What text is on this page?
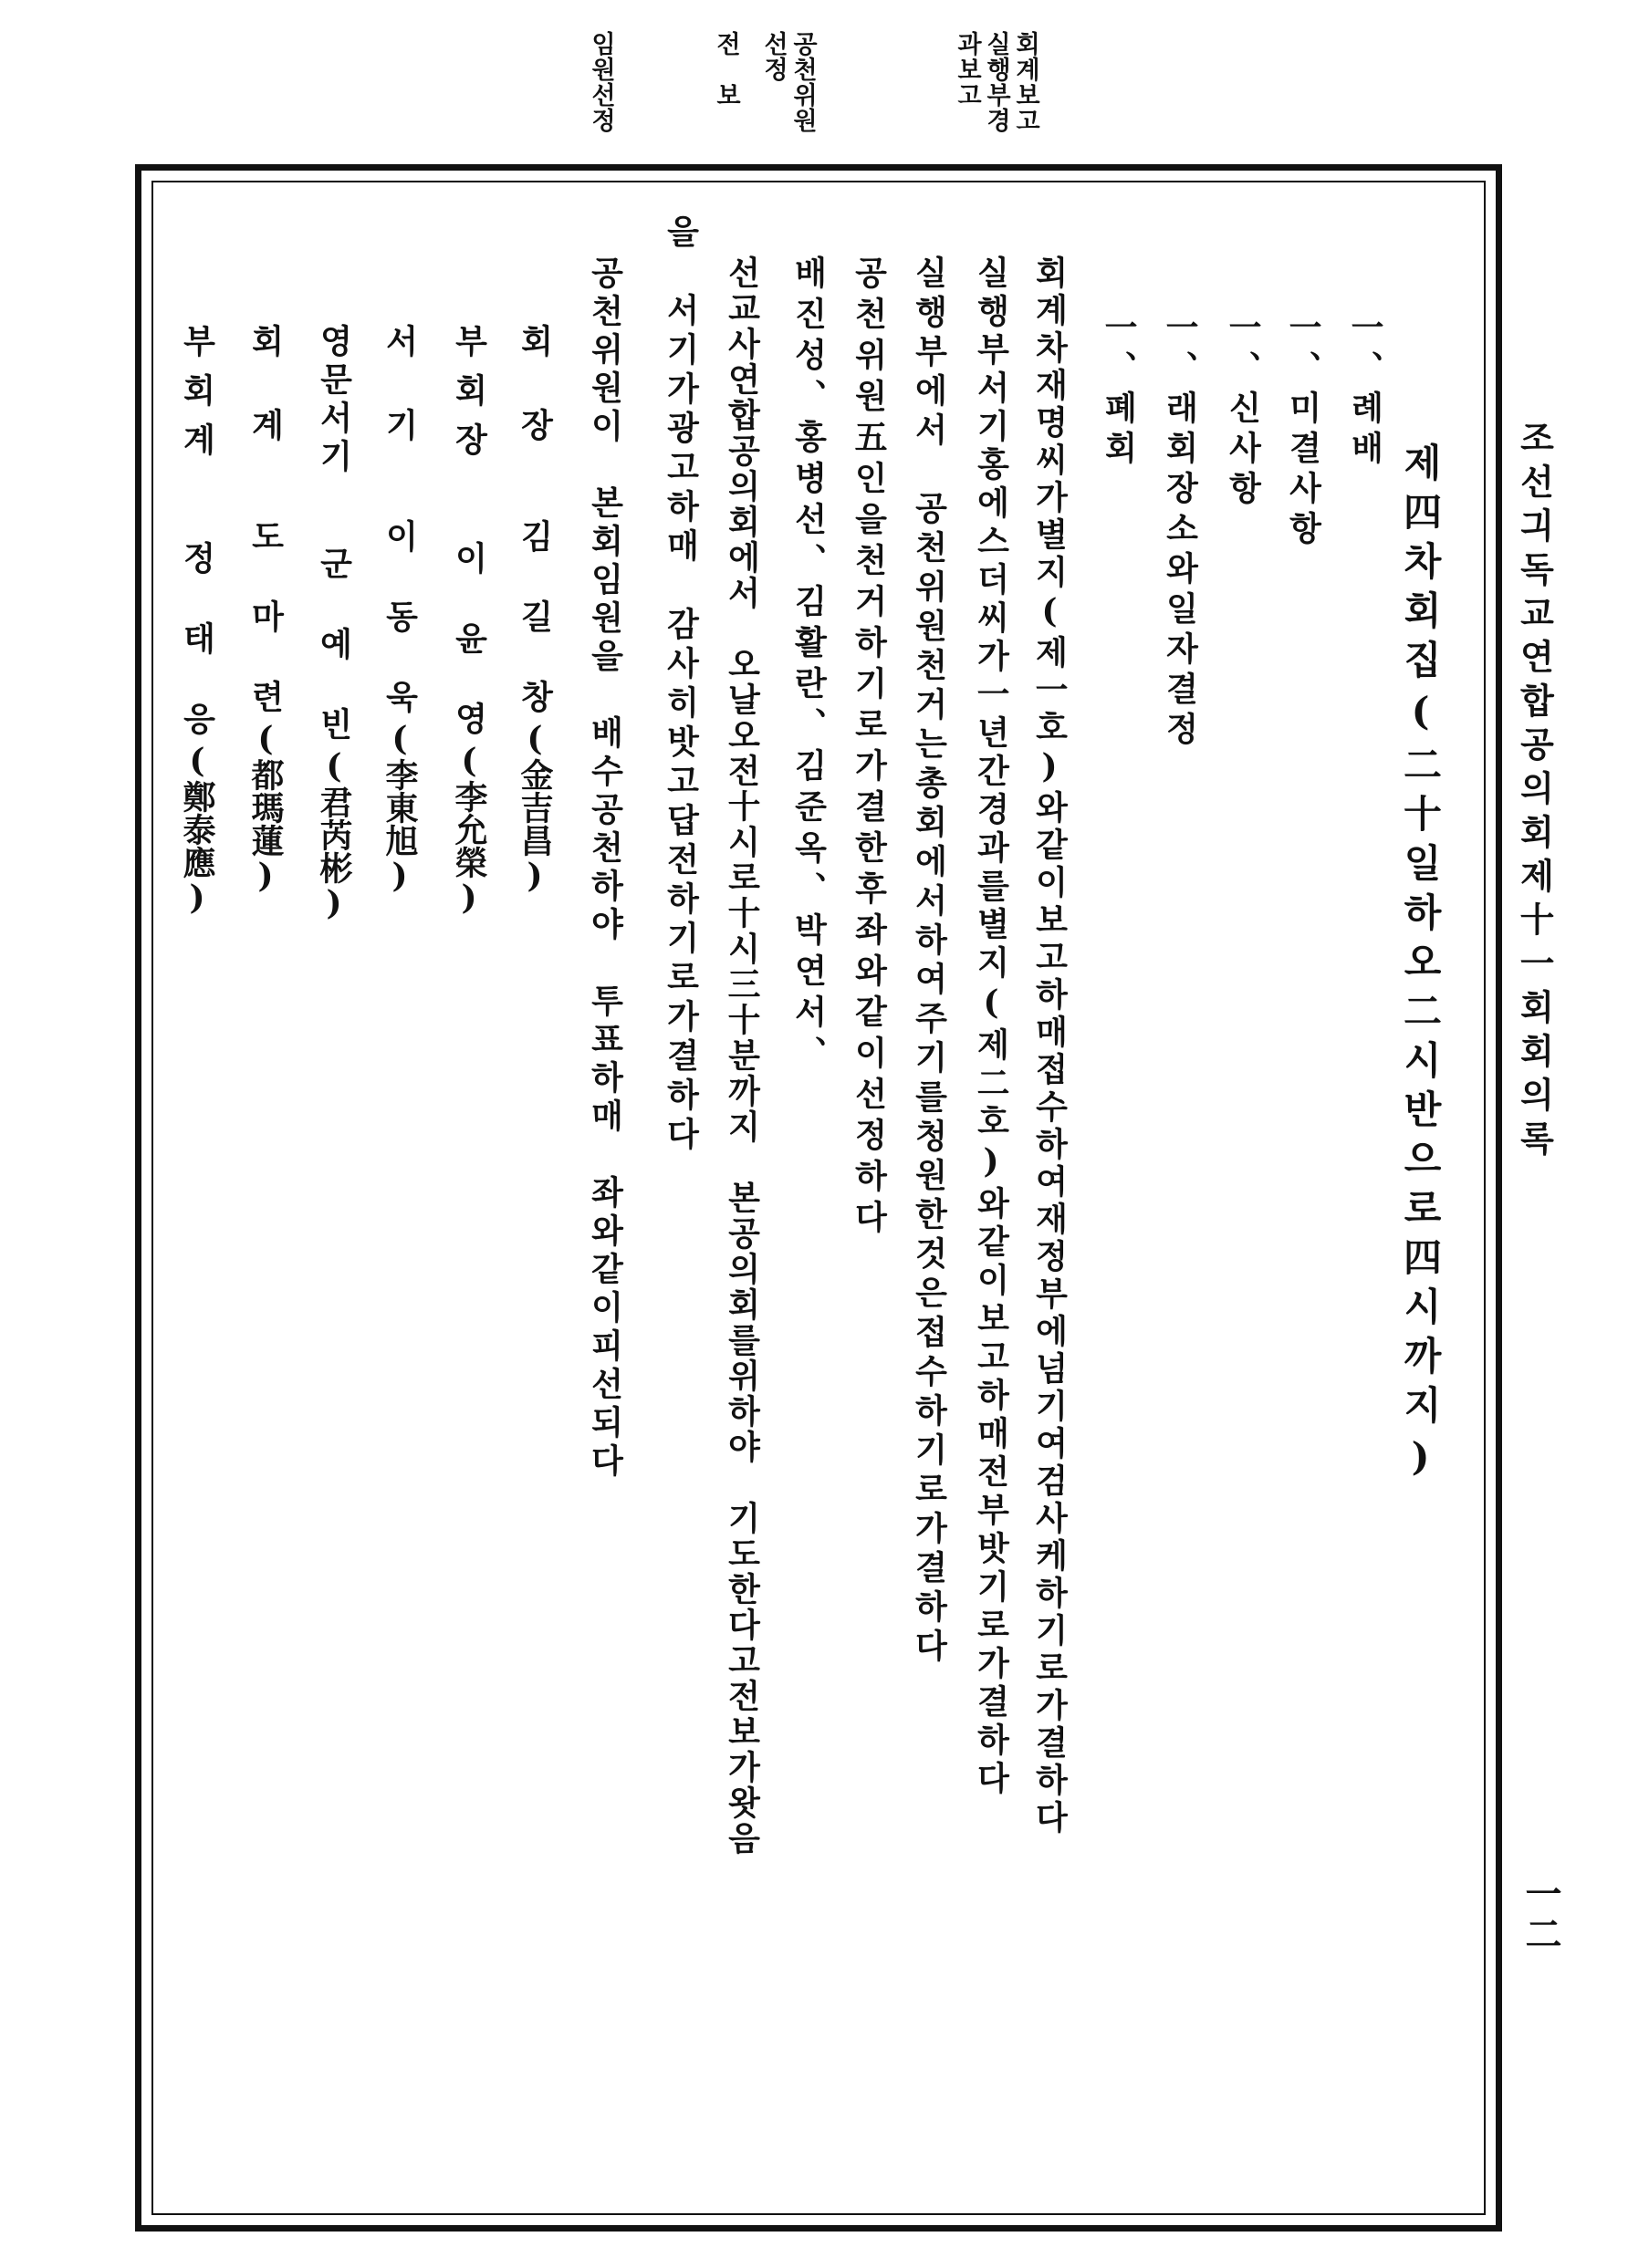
조선긔독교연합공의회제十一회회의록
一二
회계보고
실행부경
과보고
공천위원
선정
전　보
임원선정
제四차회집(二十일하오二시반으로四시까지)
一、례배
一、미결사항
一、신사항
一、래회장소와일자결정
一、폐회
회계차재명씨가별지(제一호)와같이보고하매접수하여재정부에넘기여검사케하기로가결하다
실행부서기홍에스더씨가一년간경과를별지(제二호)와같이보고하매전부밧기로가결하다
실행부에서　공천위원천거는총회에서하여주기를청원한것은접수하기로가결하다
공천위원五인을천거하기로가결한후좌와같이선정하다
배진성、홍병선、김활란、김준옥、박연서、
선교사연합공의회에서　오날오전十시로十시三十분까지　본공의회를위하야　기도한다고전보가왓음
을　서기가광고하매　감사히밧고답전하기로가결하다
공천위원이　본회임원을　배수공천하야　투표하매　좌와같이피선되다
회　장김　길　창(金吉昌)
부회장이　윤　영(李允榮)
서　기이　동　욱(李東旭)
영문서기군　예　빈(君芮彬)
회　계도　마　련(都瑪蓮)
부회계정　태　응(鄭泰應)
